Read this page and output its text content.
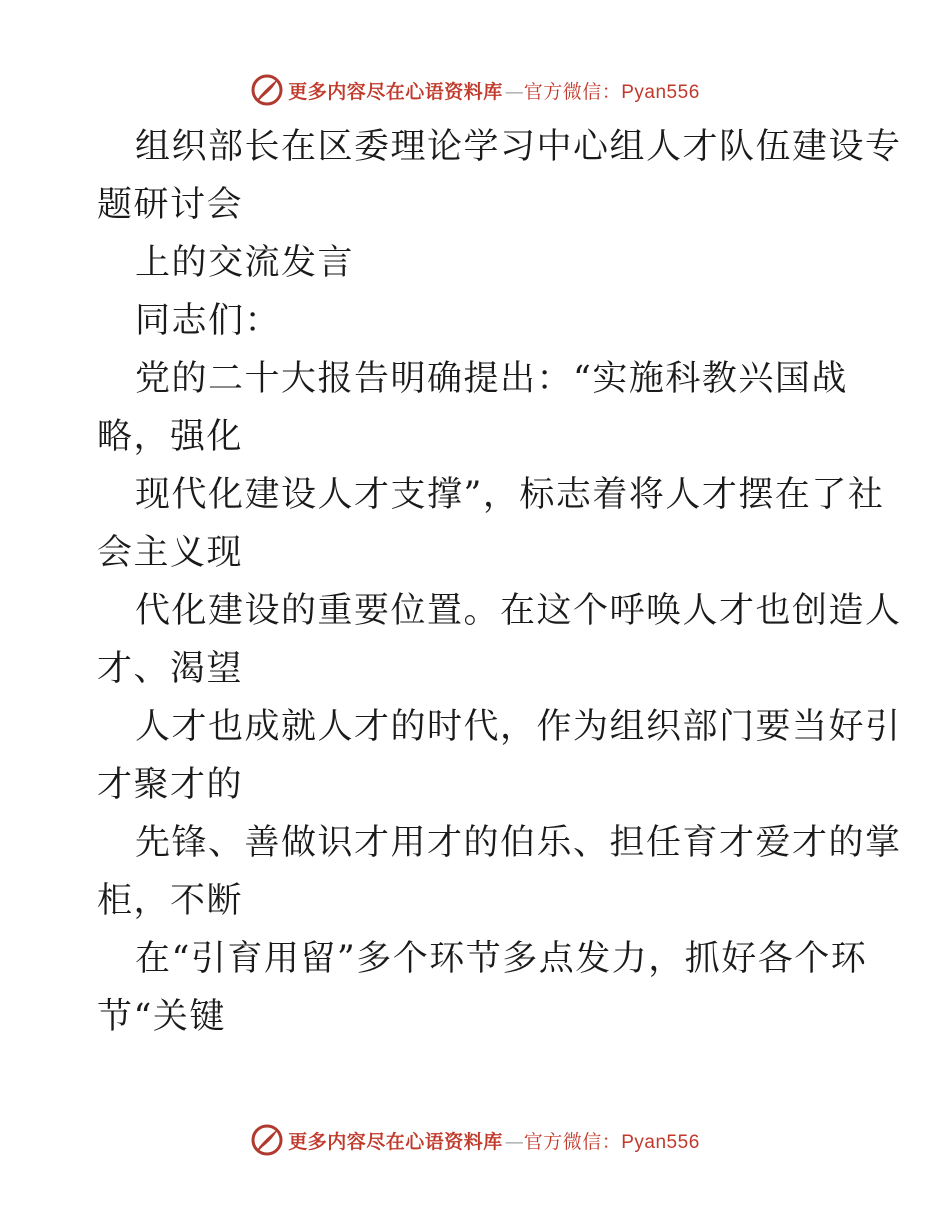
更多内容尽在心语资料库 — 官方微信：Pyan556
组织部长在区委理论学习中心组人才队伍建设专
题研讨会
上的交流发言
同志们：
党的二十大报告明确提出：“实施科教兴国战
略，强化
现代化建设人才支撑”，标志着将人才摆在了社
会主义现
代化建设的重要位置。在这个呼唤人才也创造人
才、渴望
人才也成就人才的时代，作为组织部门要当好引
才聚才的
先锋、善做识才用才的伯乐、担任育才爱才的掌
柜，不断
在“引育用留”多个环节多点发力，抓好各个环
节“关键
更多内容尽在心语资料库 — 官方微信：Pyan556
